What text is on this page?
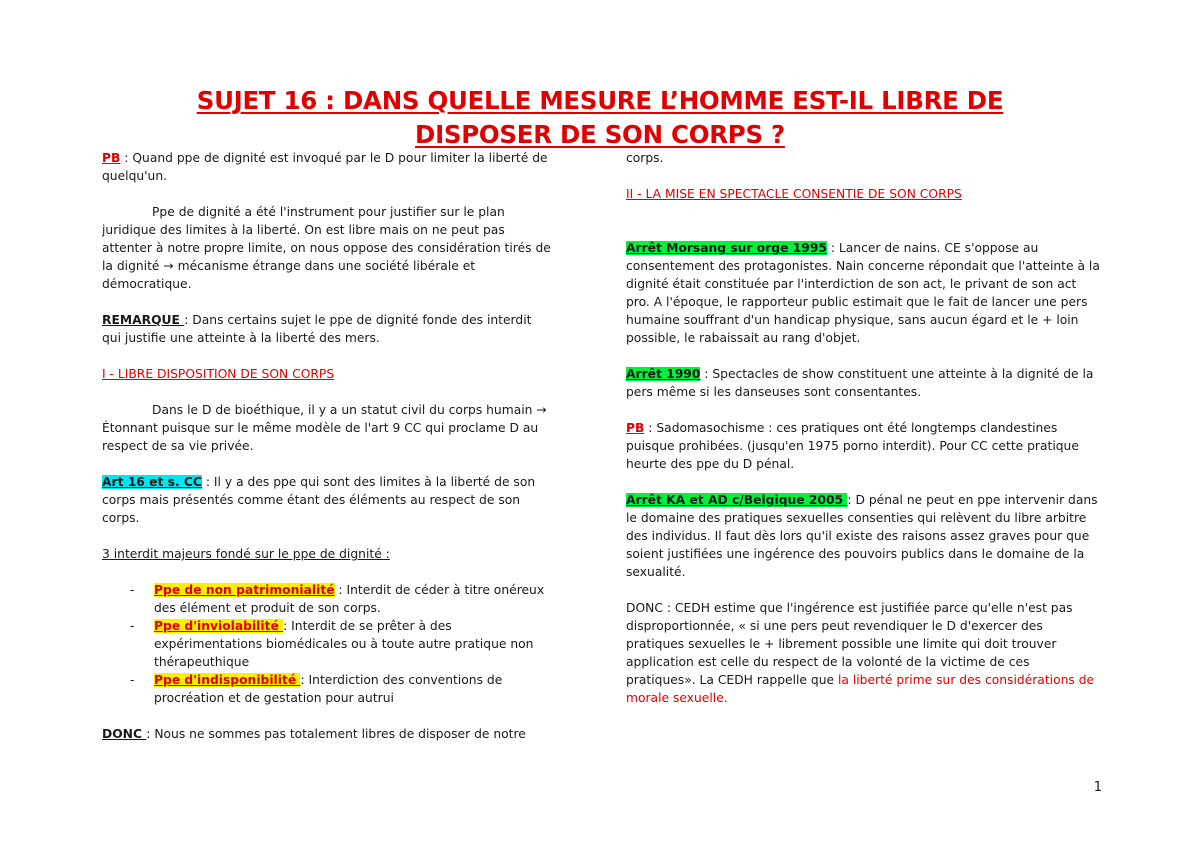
SUJET 16 : DANS QUELLE MESURE L’HOMME EST-IL LIBRE DE
DISPOSER DE SON CORPS ?

PB : Quand ppe de dignité est invoqué par le D pour limiter la liberté de quelqu'un.

Ppe de dignité a été l'instrument pour justifier sur le plan juridique des limites à la liberté. On est libre mais on ne peut pas attenter à notre propre limite, on nous oppose des considération tirés de la dignité → mécanisme étrange dans une société libérale et démocratique.

REMARQUE : Dans certains sujet le ppe de dignité fonde des interdit qui justifie une atteinte à la liberté des mers.

I - LIBRE DISPOSITION DE SON CORPS

Dans le D de bioéthique, il y a un statut civil du corps humain → Étonnant puisque sur le même modèle de l'art 9 CC qui proclame D au respect de sa vie privée.

Art 16 et s. CC : Il y a des ppe qui sont des limites à la liberté de son corps mais présentés comme étant des éléments au respect de son corps.

3 interdit majeurs fondé sur le ppe de dignité :

- Ppe de non patrimonialité : Interdit de céder à titre onéreux des élément et produit de son corps.
- Ppe d'inviolabilité : Interdit de se prêter à des expérimentations biomédicales ou à toute autre pratique non thérapeuthique
- Ppe d'indisponibilité : Interdiction des conventions de procréation et de gestation pour autrui

DONC : Nous ne sommes pas totalement libres de disposer de notre

corps.

II - LA MISE EN SPECTACLE CONSENTIE DE SON CORPS

Arrêt Morsang sur orge 1995 : Lancer de nains. CE s'oppose au consentement des protagonistes. Nain concerne répondait que l'atteinte à la dignité était constituée par l'interdiction de son act, le privant de son act pro. A l'époque, le rapporteur public estimait que le fait de lancer une pers humaine souffrant d'un handicap physique, sans aucun égard et le + loin possible, le rabaissait au rang d'objet.

Arrêt 1990 : Spectacles de show constituent une atteinte à la dignité de la pers même si les danseuses sont consentantes.

PB : Sadomasochisme : ces pratiques ont été longtemps clandestines puisque prohibées. (jusqu'en 1975 porno interdit). Pour CC cette pratique heurte des ppe du D pénal.

Arrêt KA et AD c/Belgique 2005 : D pénal ne peut en ppe intervenir dans le domaine des pratiques sexuelles consenties qui relèvent du libre arbitre des individus. Il faut dès lors qu'il existe des raisons assez graves pour que soient justifiées une ingérence des pouvoirs publics dans le domaine de la sexualité.

DONC : CEDH estime que l'ingérence est justifiée parce qu'elle n'est pas disproportionnée, « si une pers peut revendiquer le D d'exercer des pratiques sexuelles le + librement possible une limite qui doit trouver application est celle du respect de la volonté de la victime de ces pratiques». La CEDH rappelle que la liberté prime sur des considérations de morale sexuelle.

1
